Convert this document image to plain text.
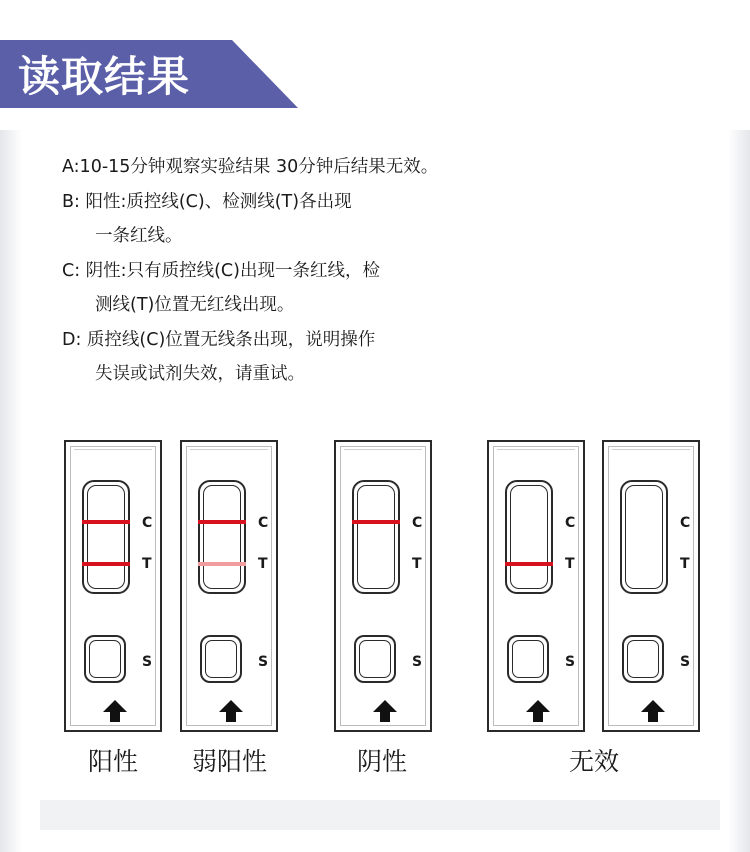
读取结果
A:10-15分钟观察实验结果 30分钟后结果无效。
B: 阳性:质控线(C)、检测线(T)各出现
一条红线。
C: 阴性:只有质控线(C)出现一条红线，检
测线(T)位置无红线出现。
D: 质控线(C)位置无线条出现，说明操作
失误或试剂失效，请重试。
C
T
S
C
T
S
C
T
S
C
T
S
C
T
S
阳性 弱阳性	阴性	无效
